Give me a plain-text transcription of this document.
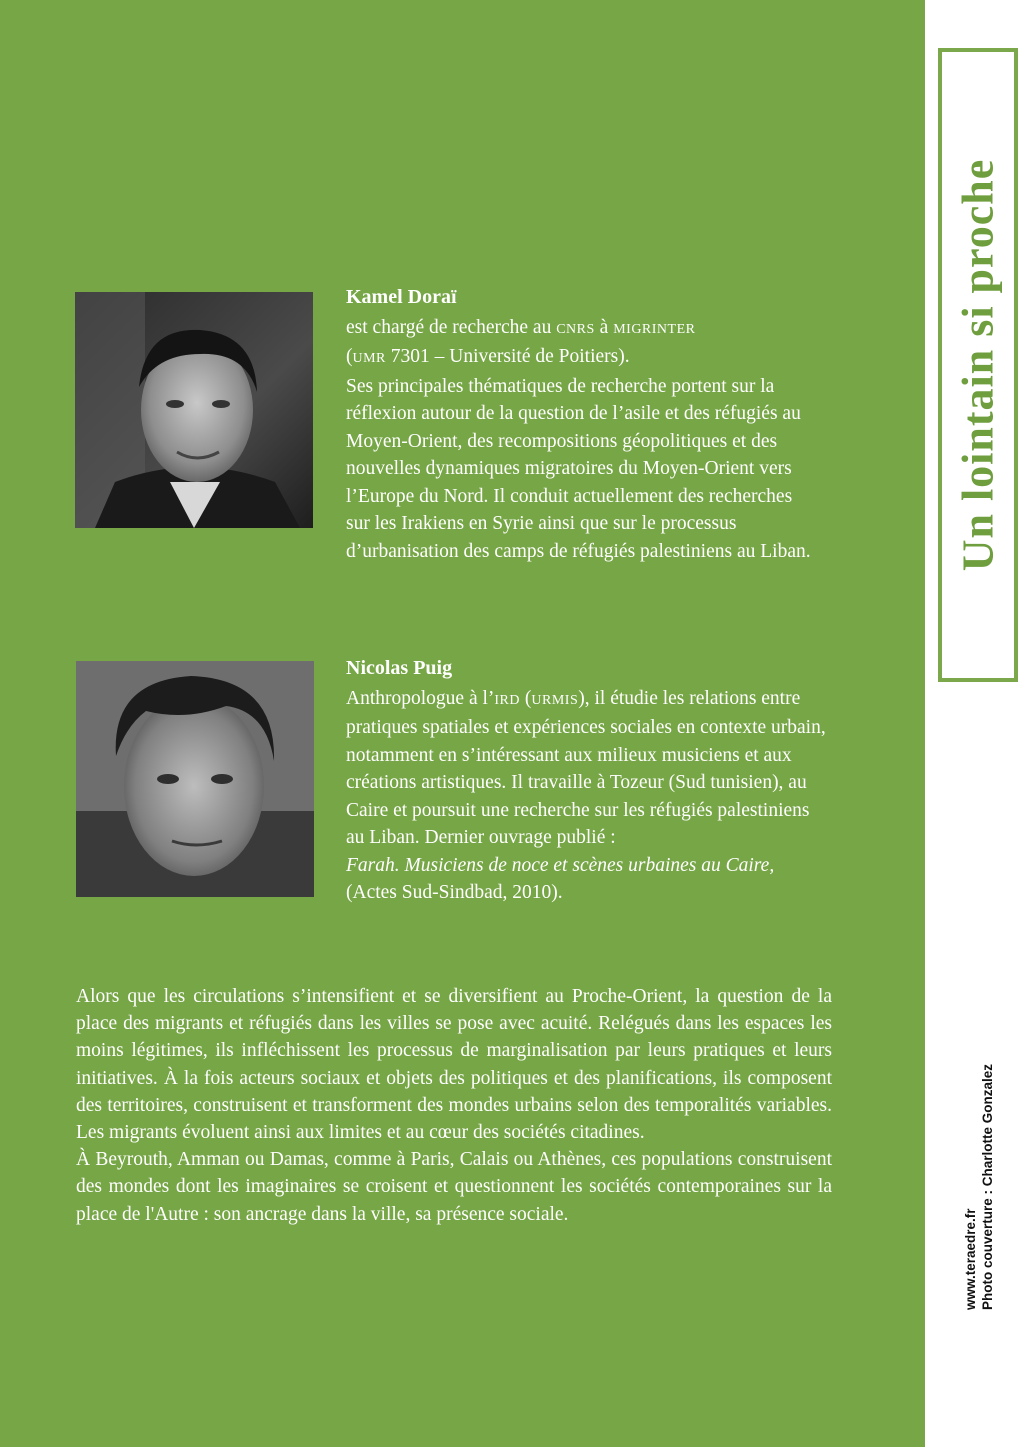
Kamel Doraï

est chargé de recherche au CNRS à MIGRINTER
(UMR 7301 – Université de Poitiers).
Ses principales thématiques de recherche portent sur la réflexion autour de la question de l’asile et des réfugiés au Moyen-Orient, des recompositions géopolitiques et des nouvelles dynamiques migratoires du Moyen-Orient vers l’Europe du Nord. Il conduit actuellement des recherches sur les Irakiens en Syrie ainsi que sur le processus d’urbanisation des camps de réfugiés palestiniens au Liban.

Nicolas Puig

Anthropologue à l’IRD (URMIS), il étudie les relations entre pratiques spatiales et expériences sociales en contexte urbain, notamment en s’intéressant aux milieux musiciens et aux créations artistiques. Il travaille à Tozeur (Sud tunisien), au Caire et poursuit une recherche sur les réfugiés palestiniens au Liban. Dernier ouvrage publié :
Farah. Musiciens de noce et scènes urbaines au Caire, (Actes Sud-Sindbad, 2010).

Alors que les circulations s’intensifient et se diversifient au Proche-Orient, la question de la place des migrants et réfugiés dans les villes se pose avec acuité. Relégués dans les espaces les moins légitimes, ils infléchissent les processus de marginalisation par leurs pratiques et leurs initiatives. À la fois acteurs sociaux et objets des politiques et des planifications, ils composent des territoires, construisent et transforment des mondes urbains selon des temporalités variables. Les migrants évoluent ainsi aux limites et au cœur des sociétés citadines.

À Beyrouth, Amman ou Damas, comme à Paris, Calais ou Athènes, ces populations construisent des mondes dont les imaginaires se croisent et questionnent les sociétés contemporaines sur la place de l'Autre : son ancrage dans la ville, sa présence sociale.

Un lointain si proche
www.teraedre.fr Photo couverture : Charlotte Gonzalez
